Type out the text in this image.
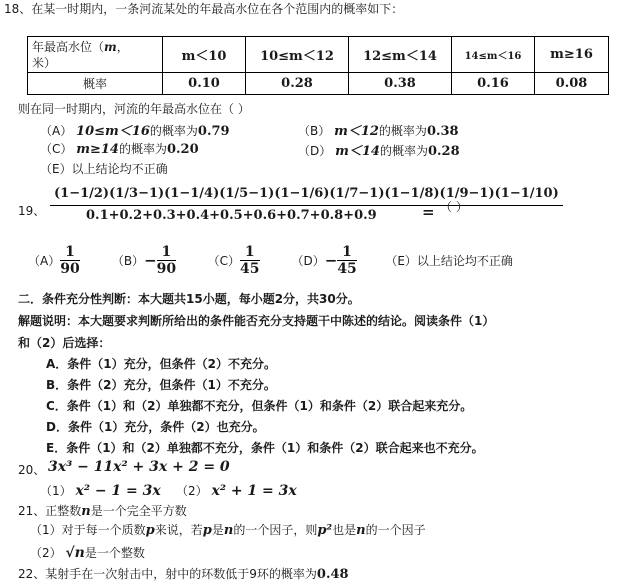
18、在某一时期内，一条河流某处的年最高水位在各个范围内的概率如下：
年最高水位（m，
米）	m＜10	10≤m＜12	12≤m＜14	14≤m＜16	m≥16
概率	0.10	0.28	0.38	0.16	0.08
则在同一时期内，河流的年最高水位在（ ）
（A） 10≤m＜16的概率为0.79	（B） m＜12的概率为0.38
（C） m≥14的概率为0.20	（D） m＜14的概率为0.28
（E）以上结论均不正确
19、
(1−1/2)(1/3−1)(1−1/4)(1/5−1)(1−1/6)(1/7−1)(1−1/8)(1/9−1)(1−1/10)
0.1+0.2+0.3+0.4+0.5+0.6+0.7+0.8+0.9	= （ ）
$(A) \frac{1}{90}$	$(B)- \frac{1}{90}$	$(C) \frac{1}{45}$	$(D)- \frac{1}{45} (E)$以上结论均不正确
二．条件充分性判断：本大题共15小题，每小题2分，共30分。
解题说明：本大题要求判断所给出的条件能否充分支持题干中陈述的结论。阅读条件（1）
和（2）后选择：
A．条件（1）充分，但条件（2）不充分。
B．条件（2）充分，但条件（1）不充分。
C．条件（1）和（2）单独都不充分，但条件（1）和条件（2）联合起来充分。
D．条件（1）充分，条件（2）也充分。
E．条件（1）和（2）单独都不充分，条件（1）和条件（2）联合起来也不充分。
20、 3x³ − 11x² + 3x + 2 = 0
（1） x² − 1 = 3x （2） x² + 1 = 3x
21、正整数n是一个完全平方数
（1）对于每一个质数p来说，若p是n的一个因子，则p²也是n的一个因子
（2） √n是一个整数
22、某射手在一次射击中，射中的环数低于9环的概率为0.48
